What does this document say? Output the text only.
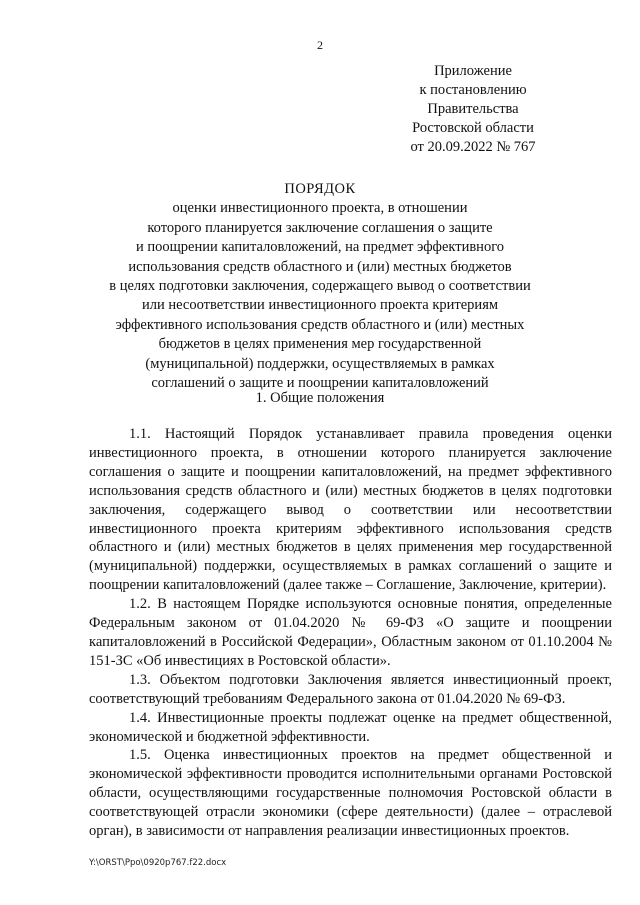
2
Приложение
к постановлению
Правительства
Ростовской области
от 20.09.2022 № 767
ПОРЯДОК
оценки инвестиционного проекта, в отношении
которого планируется заключение соглашения о защите
и поощрении капиталовложений, на предмет эффективного
использования средств областного и (или) местных бюджетов
в целях подготовки заключения, содержащего вывод о соответствии
или несоответствии инвестиционного проекта критериям
эффективного использования средств областного и (или) местных
бюджетов в целях применения мер государственной
(муниципальной) поддержки, осуществляемых в рамках
соглашений о защите и поощрении капиталовложений
1. Общие положения

1.1. Настоящий Порядок устанавливает правила проведения оценки инвестиционного проекта, в отношении которого планируется заключение соглашения о защите и поощрении капиталовложений, на предмет эффективного использования средств областного и (или) местных бюджетов в целях подготовки заключения, содержащего вывод о соответствии или несоответствии инвестиционного проекта критериям эффективного использования средств областного и (или) местных бюджетов в целях применения мер государственной (муниципальной) поддержки, осуществляемых в рамках соглашений о защите и поощрении капиталовложений (далее также – Соглашение, Заключение, критерии).

1.2. В настоящем Порядке используются основные понятия, определенные Федеральным законом от 01.04.2020 № 69-ФЗ «О защите и поощрении капиталовложений в Российской Федерации», Областным законом от 01.10.2004 № 151-ЗС «Об инвестициях в Ростовской области».

1.3. Объектом подготовки Заключения является инвестиционный проект, соответствующий требованиям Федерального закона от 01.04.2020 № 69-ФЗ.

1.4. Инвестиционные проекты подлежат оценке на предмет общественной, экономической и бюджетной эффективности.

1.5. Оценка инвестиционных проектов на предмет общественной и экономической эффективности проводится исполнительными органами Ростовской области, осуществляющими государственные полномочия Ростовской области в соответствующей отрасли экономики (сфере деятельности) (далее – отраслевой орган), в зависимости от направления реализации инвестиционных проектов.

Y:\ORST\Ppo\0920p767.f22.docx
